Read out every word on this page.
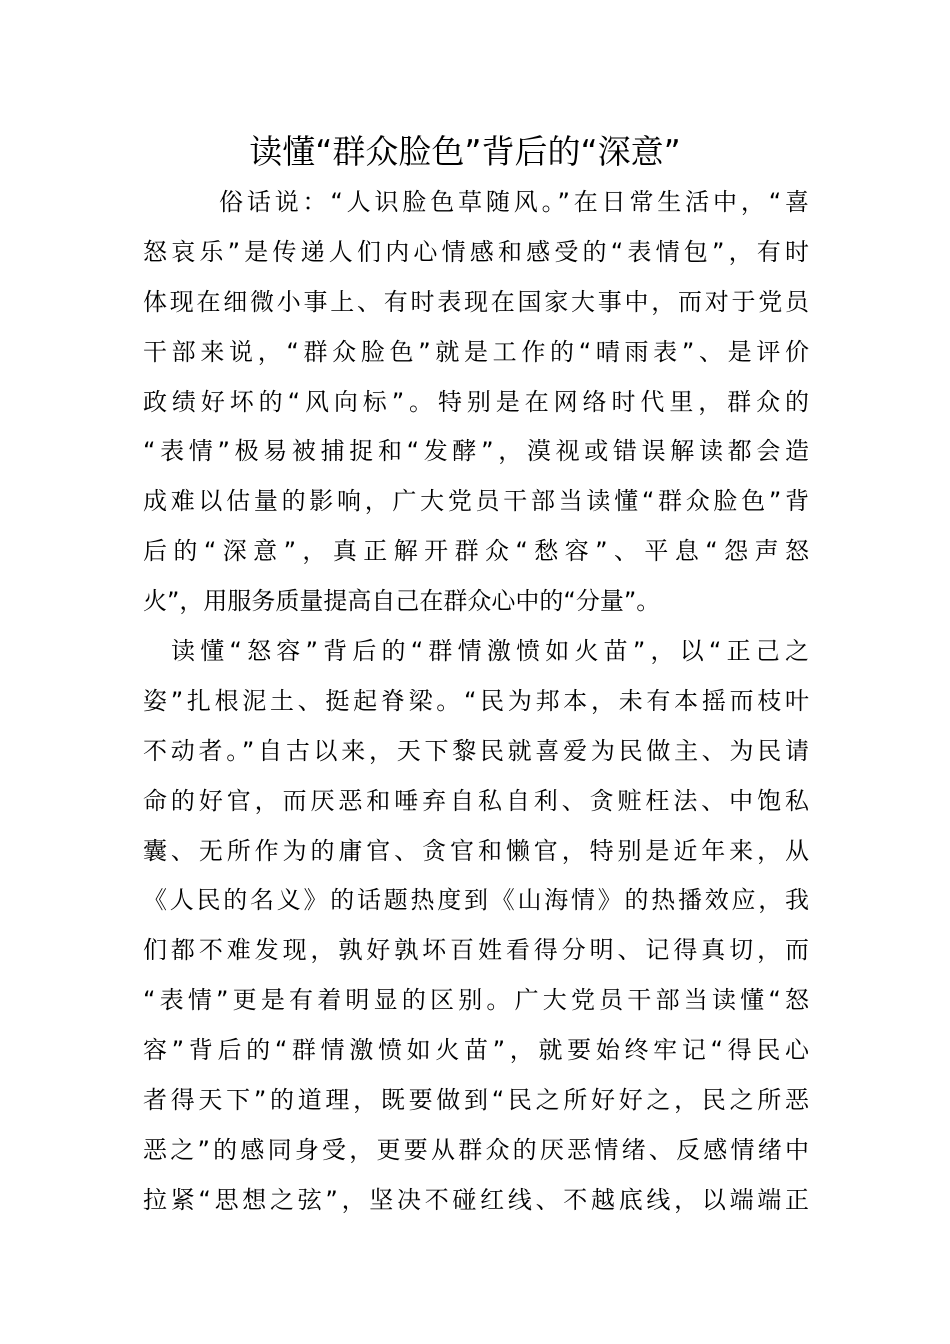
读懂“群众脸色”背后的“深意”
俗话说：“人识脸色草随风。”在日常生活中，“喜
怒哀乐”是传递人们内心情感和感受的“表情包”，有时
体现在细微小事上、有时表现在国家大事中，而对于党员
干部来说，“群众脸色”就是工作的“晴雨表”、是评价
政绩好坏的“风向标”。特别是在网络时代里，群众的
“表情”极易被捕捉和“发酵”，漠视或错误解读都会造
成难以估量的影响，广大党员干部当读懂“群众脸色”背
后的“深意”，真正解开群众“愁容”、平息“怨声怒
火”，用服务质量提高自己在群众心中的“分量”。
读懂“怒容”背后的“群情激愤如火苗”，以“正己之
姿”扎根泥土、挺起脊梁。“民为邦本，未有本摇而枝叶
不动者。”自古以来，天下黎民就喜爱为民做主、为民请
命的好官，而厌恶和唾弃自私自利、贪赃枉法、中饱私
囊、无所作为的庸官、贪官和懒官，特别是近年来，从
《人民的名义》的话题热度到《山海情》的热播效应，我
们都不难发现，孰好孰坏百姓看得分明、记得真切，而
“表情”更是有着明显的区别。广大党员干部当读懂“怒
容”背后的“群情激愤如火苗”，就要始终牢记“得民心
者得天下”的道理，既要做到“民之所好好之，民之所恶
恶之”的感同身受，更要从群众的厌恶情绪、反感情绪中
拉紧“思想之弦”，坚决不碰红线、不越底线，以端端正
